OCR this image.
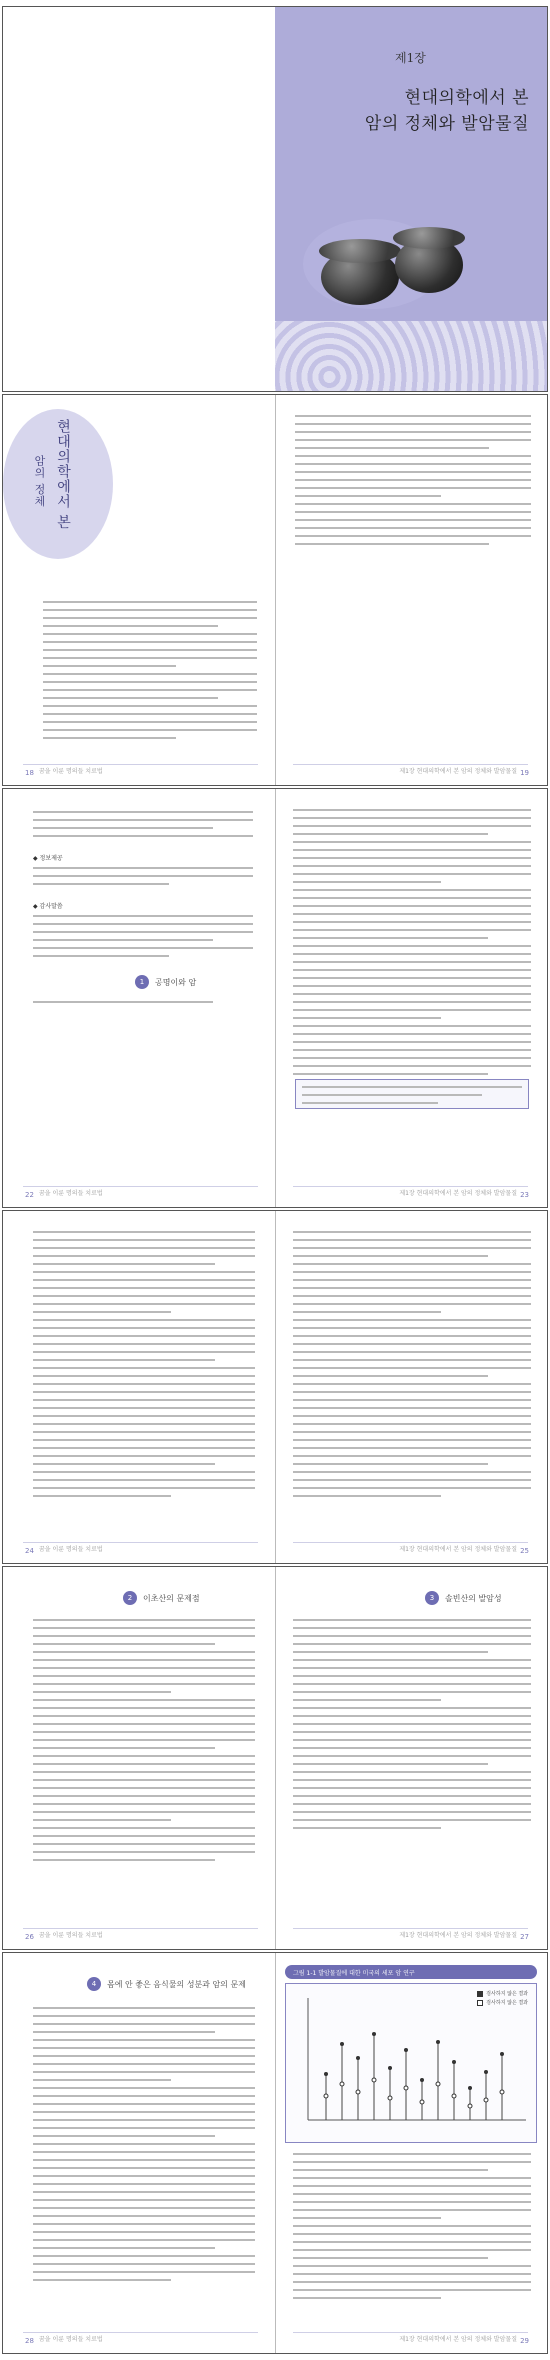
제1장
현대의학에서 본
암의 정체와 발암물질
현대의학에서 본
암의 정체
18 꿈을 이룬 명의들 치료법	제1장 현대의학에서 본 암의 정체와 발암물질 19
◆ 정보제공
◆ 감사말씀
1	공명이와 암
22 꿈을 이룬 명의들 치료법	제1장 현대의학에서 본 암의 정체와 발암물질 23
24 꿈을 이룬 명의들 치료법	제1장 현대의학에서 본 암의 정체와 발암물질 25
2	이초산의 문제점
26 꿈을 이룬 명의들 치료법
3	솔빈산의 발암성
제1장 현대의학에서 본 암의 정체와 발암물질 27
4	몸에 안 좋은 음식물의 성분과 암의 문제
28 꿈을 이룬 명의들 치료법
그림 1-1 발암물질에 대한 미국의 세포 암 연구
검사하지 않은 결과
검사하지 않은 결과
제1장 현대의학에서 본 암의 정체와 발암물질 29
